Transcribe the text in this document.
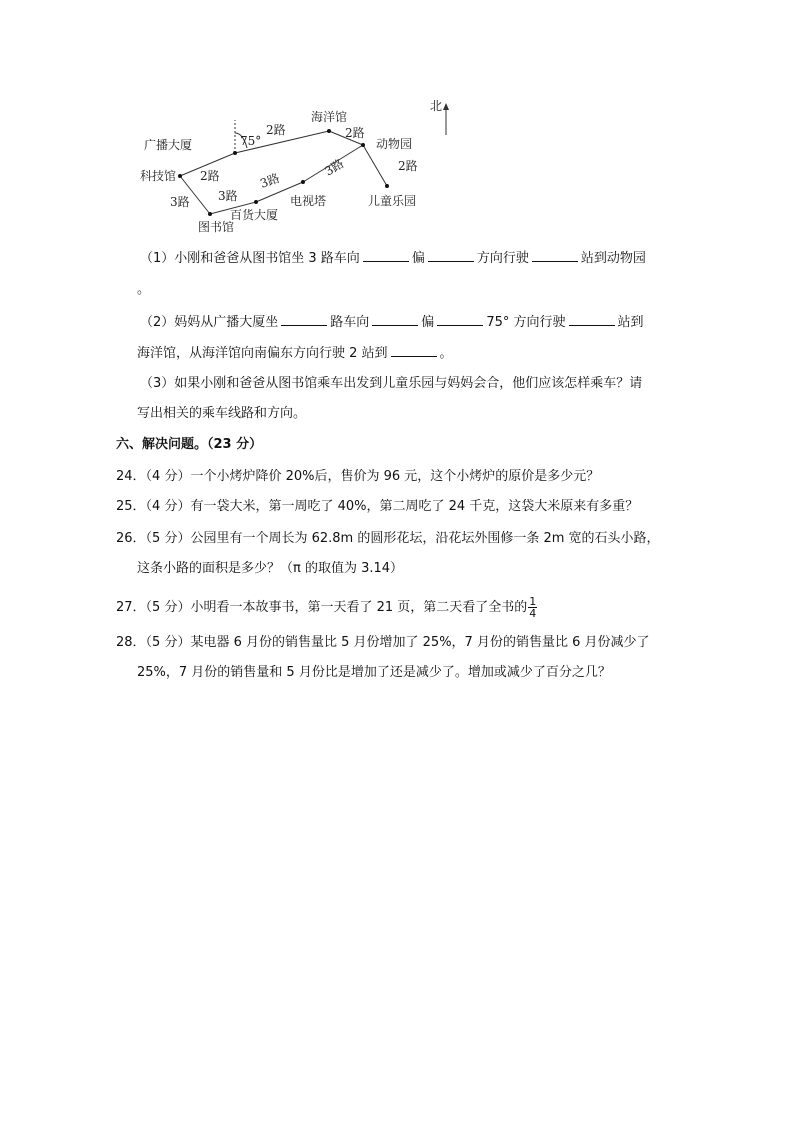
北
广播大厦
海洋馆
动物园
科技馆
儿童乐园
百货大厦
电视塔
图书馆
2路	2路
2路
2路
3路 3路
3路
3路
75°
（1）小刚和爸爸从图书馆坐 3 路车向	偏	方向行驶	站到动物园
。
（2）妈妈从广播大厦坐	路车向	偏	75° 方向行驶	站到
海洋馆，从海洋馆向南偏东方向行驶 2 站到	。
（3）如果小刚和爸爸从图书馆乘车出发到儿童乐园与妈妈会合，他们应该怎样乘车？请
写出相关的乘车线路和方向。
六、解决问题。（23 分）
24．（4 分）一个小烤炉降价 20%后，售价为 96 元，这个小烤炉的原价是多少元？
25．（4 分）有一袋大米，第一周吃了 40%，第二周吃了 24 千克，这袋大米原来有多重？
26．（5 分）公园里有一个周长为 62.8m 的圆形花坛，沿花坛外围修一条 2m 宽的石头小路，
这条小路的面积是多少？（π 的取值为 3.14）
27．（5 分）小明看一本故事书，第一天看了 21 页，第二天看了全书的 $\frac{1}{4}$
28．（5 分）某电器 6 月份的销售量比 5 月份增加了 25%，7 月份的销售量比 6 月份减少了
25%，7 月份的销售量和 5 月份比是增加了还是减少了。增加或减少了百分之几？
